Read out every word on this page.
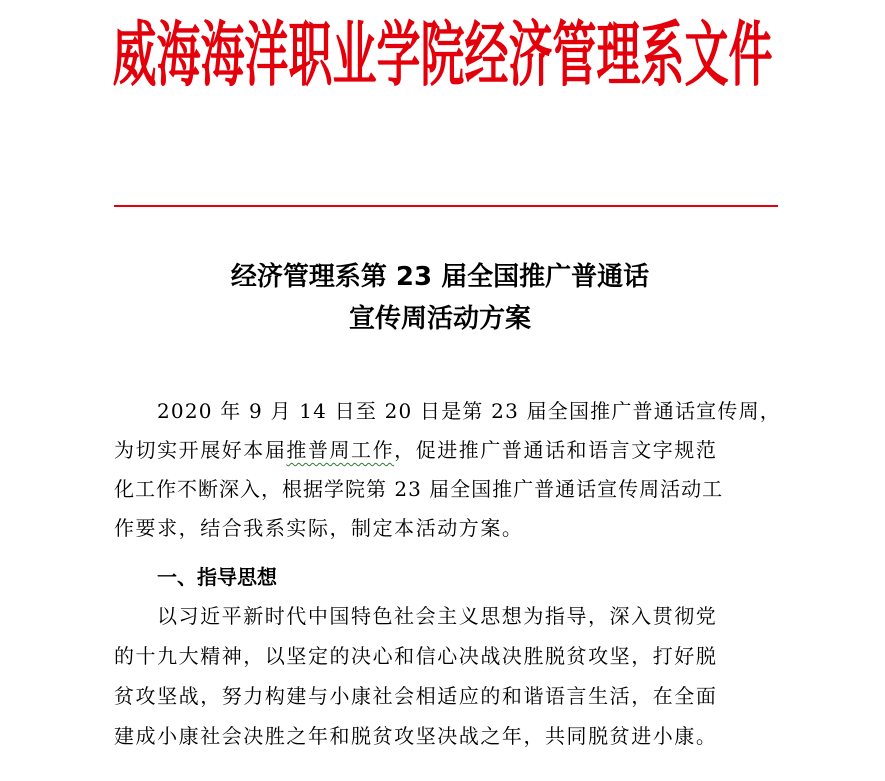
威海海洋职业学院经济管理系文件
经济管理系第 23 届全国推广普通话
宣传周活动方案
2020 年 9 月 14 日至 20 日是第 23 届全国推广普通话宣传周，
为切实开展好本届推普周工作，促进推广普通话和语言文字规范
化工作不断深入，根据学院第 23 届全国推广普通话宣传周活动工
作要求，结合我系实际，制定本活动方案。
一、指导思想
以习近平新时代中国特色社会主义思想为指导，深入贯彻党
的十九大精神，以坚定的决心和信心决战决胜脱贫攻坚，打好脱
贫攻坚战，努力构建与小康社会相适应的和谐语言生活，在全面
建成小康社会决胜之年和脱贫攻坚决战之年，共同脱贫进小康。
